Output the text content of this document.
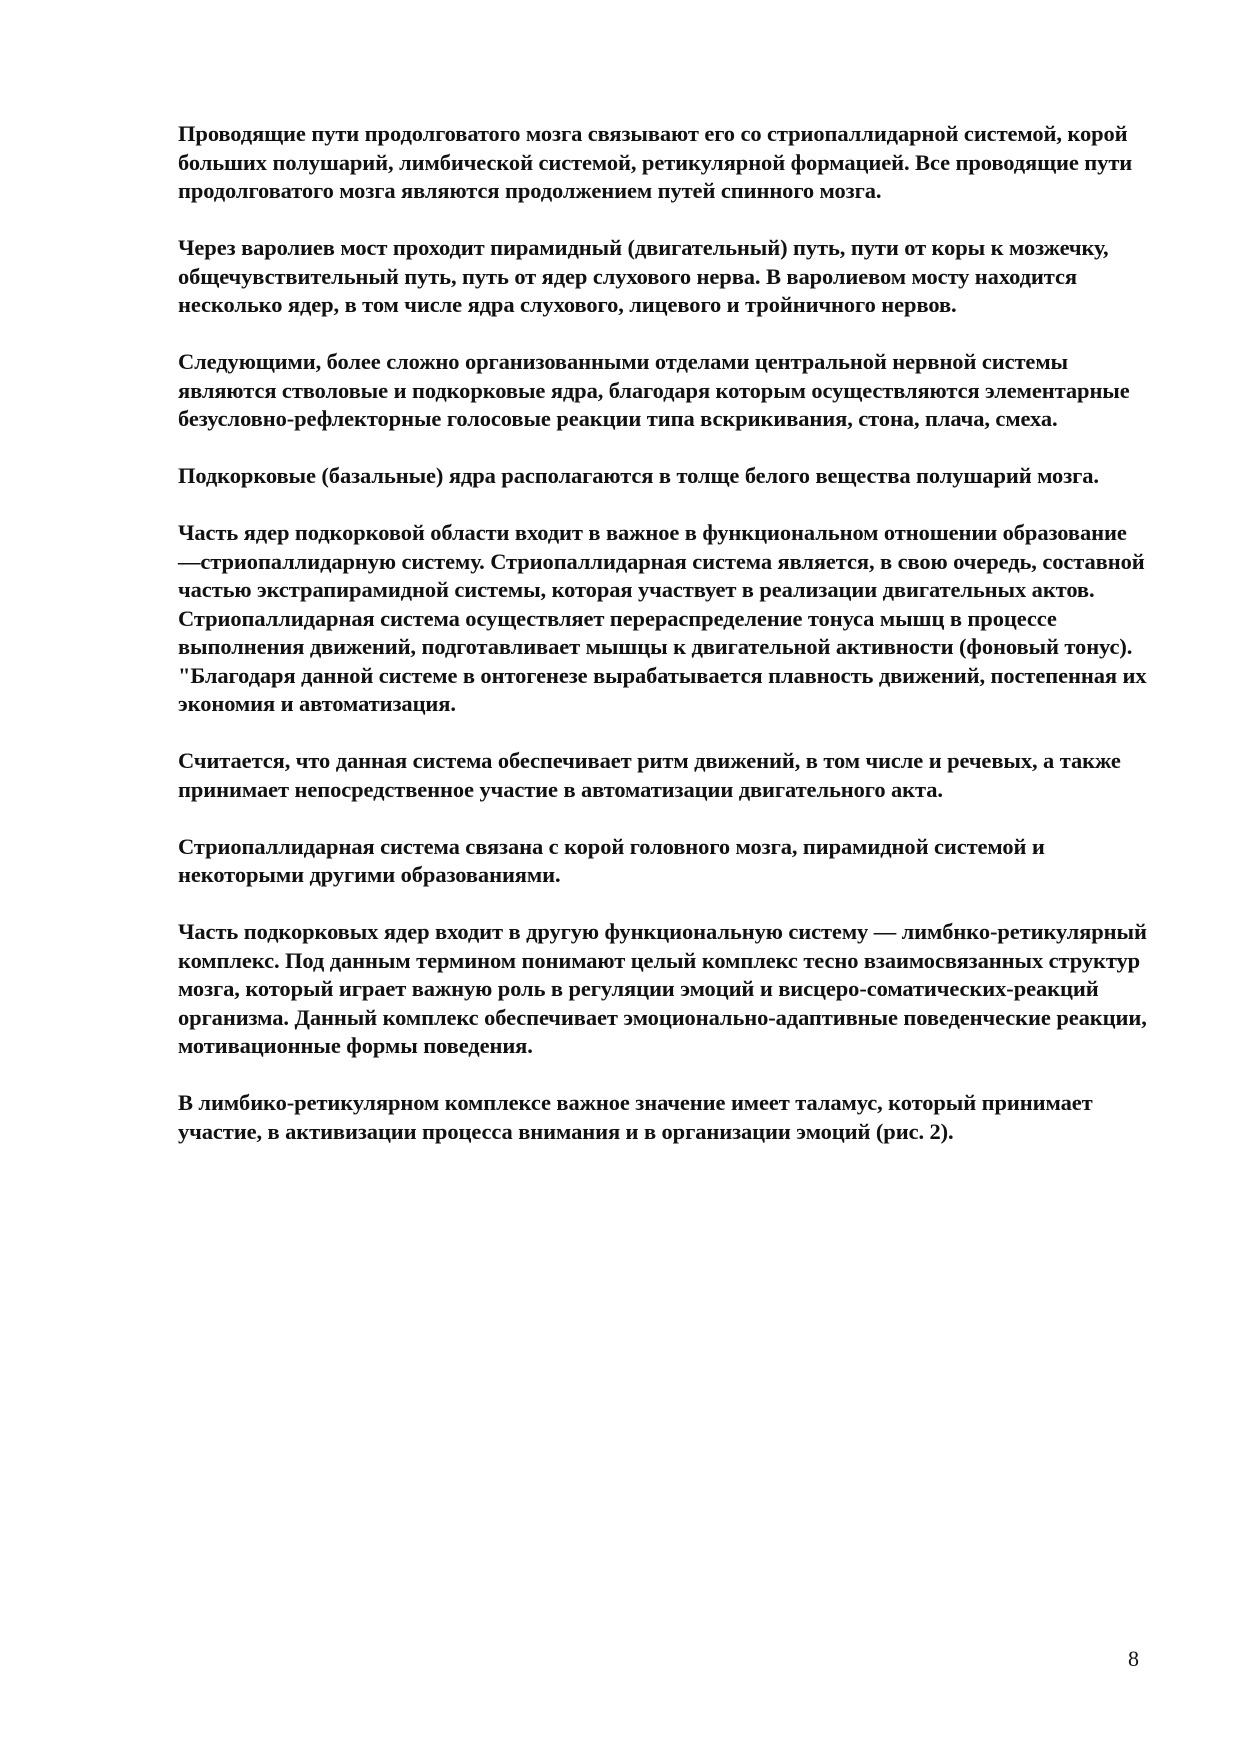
Проводящие пути продолговатого мозга связывают его со стриопаллидарной системой, корой больших полушарий, лимбической системой, ретикулярной формацией. Все проводящие пути продолговатого мозга являются продолжением путей спинного мозга.

Через варолиев мост проходит пирамидный (двигательный) путь, пути от коры к мозжечку, общечувствительный путь, путь от ядер слухового нерва. В варолиевом мосту находится несколько ядер, в том числе ядра слухового, лицевого и тройничного нервов.

Следующими, более сложно организованными отделами центральной нервной системы являются стволовые и подкорковые ядра, благодаря которым осуществляются элементарные безусловно-рефлекторные голосовые реакции типа вскрикивания, стона, плача, смеха.

Подкорковые (базальные) ядра располагаются в толще белого вещества полушарий мозга.

Часть ядер подкорковой области входит в важное в функциональном отношении образование—стриопаллидарную систему. Стриопаллидарная система является, в свою очередь, составной частью экстрапирамидной системы, которая участвует в реализации двигательных актов. Стриопаллидарная система осуществляет перераспределение тонуса мышц в процессе выполнения движений, подготавливает мышцы к двигательной активности (фоновый тонус). "Благодаря данной системе в онтогенезе вырабатывается плавность движений, постепенная их экономия и автоматизация.

Считается, что данная система обеспечивает ритм движений, в том числе и речевых, а также принимает непосредственное участие в автоматизации двигательного акта.

Стриопаллидарная система связана с корой головного мозга, пирамидной системой и некоторыми другими образованиями.

Часть подкорковых ядер входит в другую функциональную систему — лимбнко-ретикулярный комплекс. Под данным термином понимают целый комплекс тесно взаимосвязанных структур мозга, который играет важную роль в регуляции эмоций и висцеро-соматических-реакций организма. Данный комплекс обеспечивает эмоционально-адаптивные поведенческие реакции, мотивационные формы поведения.

В лимбико-ретикулярном комплексе важное значение имеет таламус, который принимает участие, в активизации процесса внимания и в организации эмоций (рис. 2).

8
